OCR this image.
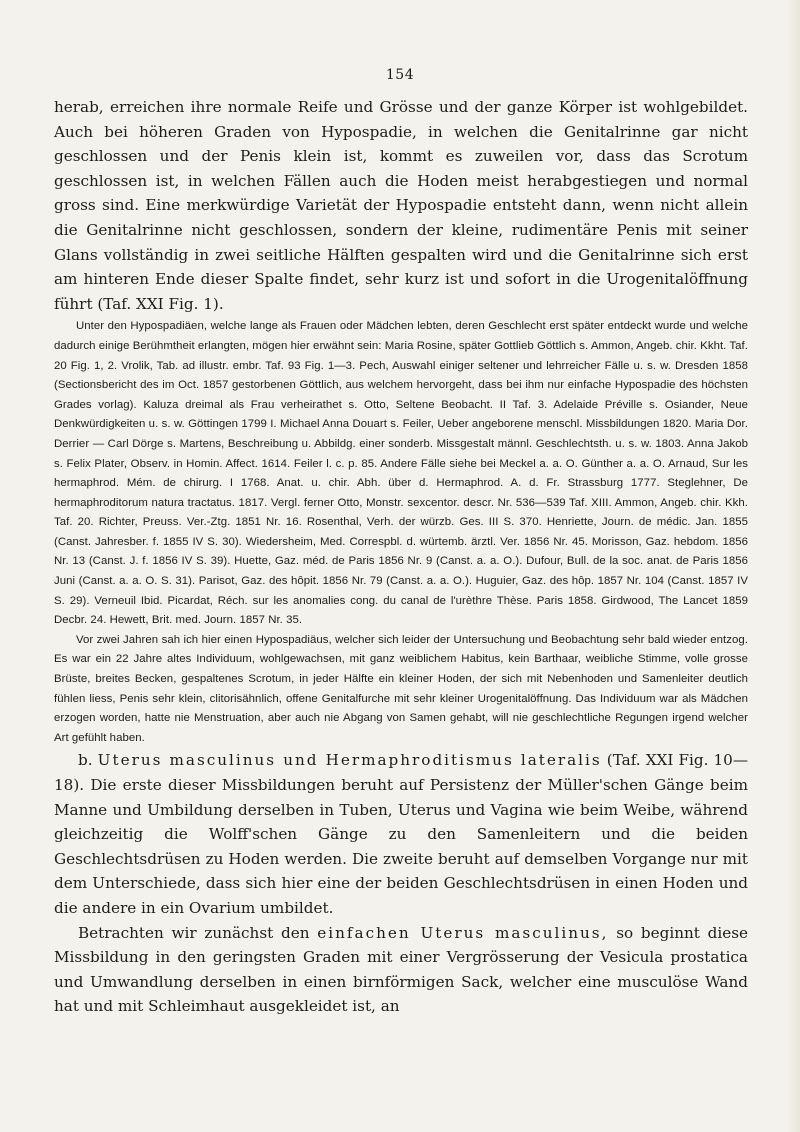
154

herab, erreichen ihre normale Reife und Grösse und der ganze Körper ist wohlgebildet. Auch bei höheren Graden von Hypospadie, in welchen die Genitalrinne gar nicht geschlossen und der Penis klein ist, kommt es zuweilen vor, dass das Scrotum geschlossen ist, in welchen Fällen auch die Hoden meist herabgestiegen und normal gross sind. Eine merkwürdige Varietät der Hypospadie entsteht dann, wenn nicht allein die Genitalrinne nicht geschlossen, sondern der kleine, rudimentäre Penis mit seiner Glans vollständig in zwei seitliche Hälften gespalten wird und die Genitalrinne sich erst am hinteren Ende dieser Spalte findet, sehr kurz ist und sofort in die Urogenitalöffnung führt (Taf. XXI Fig. 1).

Unter den Hypospadiäen, welche lange als Frauen oder Mädchen lebten, deren Geschlecht erst später entdeckt wurde und welche dadurch einige Berühmtheit erlangten, mögen hier erwähnt sein: Maria Rosine, später Gottlieb Göttlich s. Ammon, Angeb. chir. Kkht. Taf. 20 Fig. 1, 2. Vrolik, Tab. ad illustr. embr. Taf. 93 Fig. 1—3. Pech, Auswahl einiger seltener und lehrreicher Fälle u. s. w. Dresden 1858 (Sectionsbericht des im Oct. 1857 gestorbenen Göttlich, aus welchem hervorgeht, dass bei ihm nur einfache Hypospadie des höchsten Grades vorlag). Kaluza dreimal als Frau verheirathet s. Otto, Seltene Beobacht. II Taf. 3. Adelaide Préville s. Osiander, Neue Denkwürdigkeiten u. s. w. Göttingen 1799 I. Michael Anna Douart s. Feiler, Ueber angeborene menschl. Missbildungen 1820. Maria Dor. Derrier — Carl Dörge s. Martens, Beschreibung u. Abbildg. einer sonderb. Missgestalt männl. Geschlechtsth. u. s. w. 1803. Anna Jakob s. Felix Plater, Observ. in Homin. Affect. 1614. Feiler l. c. p. 85. Andere Fälle siehe bei Meckel a. a. O. Günther a. a. O. Arnaud, Sur les hermaphrod. Mém. de chirurg. I 1768. Anat. u. chir. Abh. über d. Hermaphrod. A. d. Fr. Strassburg 1777. Steglehner, De hermaphroditorum natura tractatus. 1817. Vergl. ferner Otto, Monstr. sexcentor. descr. Nr. 536—539 Taf. XIII. Ammon, Angeb. chir. Kkh. Taf. 20. Richter, Preuss. Ver.-Ztg. 1851 Nr. 16. Rosenthal, Verh. der würzb. Ges. III S. 370. Henriette, Journ. de médic. Jan. 1855 (Canst. Jahresber. f. 1855 IV S. 30). Wiedersheim, Med. Correspbl. d. würtemb. ärztl. Ver. 1856 Nr. 45. Morisson, Gaz. hebdom. 1856 Nr. 13 (Canst. J. f. 1856 IV S. 39). Huette, Gaz. méd. de Paris 1856 Nr. 9 (Canst. a. a. O.). Dufour, Bull. de la soc. anat. de Paris 1856 Juni (Canst. a. a. O. S. 31). Parisot, Gaz. des hôpit. 1856 Nr. 79 (Canst. a. a. O.). Huguier, Gaz. des hôp. 1857 Nr. 104 (Canst. 1857 IV S. 29). Verneuil Ibid. Picardat, Réch. sur les anomalies cong. du canal de l'urèthre Thèse. Paris 1858. Girdwood, The Lancet 1859 Decbr. 24. Hewett, Brit. med. Journ. 1857 Nr. 35.

Vor zwei Jahren sah ich hier einen Hypospadiäus, welcher sich leider der Untersuchung und Beobachtung sehr bald wieder entzog. Es war ein 22 Jahre altes Individuum, wohlgewachsen, mit ganz weiblichem Habitus, kein Barthaar, weibliche Stimme, volle grosse Brüste, breites Becken, gespaltenes Scrotum, in jeder Hälfte ein kleiner Hoden, der sich mit Nebenhoden und Samenleiter deutlich fühlen liess, Penis sehr klein, clitorisähnlich, offene Genitalfurche mit sehr kleiner Urogenitalöffnung. Das Individuum war als Mädchen erzogen worden, hatte nie Menstruation, aber auch nie Abgang von Samen gehabt, will nie geschlechtliche Regungen irgend welcher Art gefühlt haben.

b. Uterus masculinus und Hermaphroditismus lateralis (Taf. XXI Fig. 10—18). Die erste dieser Missbildungen beruht auf Persistenz der Müller'schen Gänge beim Manne und Umbildung derselben in Tuben, Uterus und Vagina wie beim Weibe, während gleichzeitig die Wolff'schen Gänge zu den Samenleitern und die beiden Geschlechtsdrüsen zu Hoden werden. Die zweite beruht auf demselben Vorgange nur mit dem Unterschiede, dass sich hier eine der beiden Geschlechtsdrüsen in einen Hoden und die andere in ein Ovarium umbildet.

Betrachten wir zunächst den einfachen Uterus masculinus, so beginnt diese Missbildung in den geringsten Graden mit einer Vergrösserung der Vesicula prostatica und Umwandlung derselben in einen birnförmigen Sack, welcher eine musculöse Wand hat und mit Schleimhaut ausgekleidet ist, an
